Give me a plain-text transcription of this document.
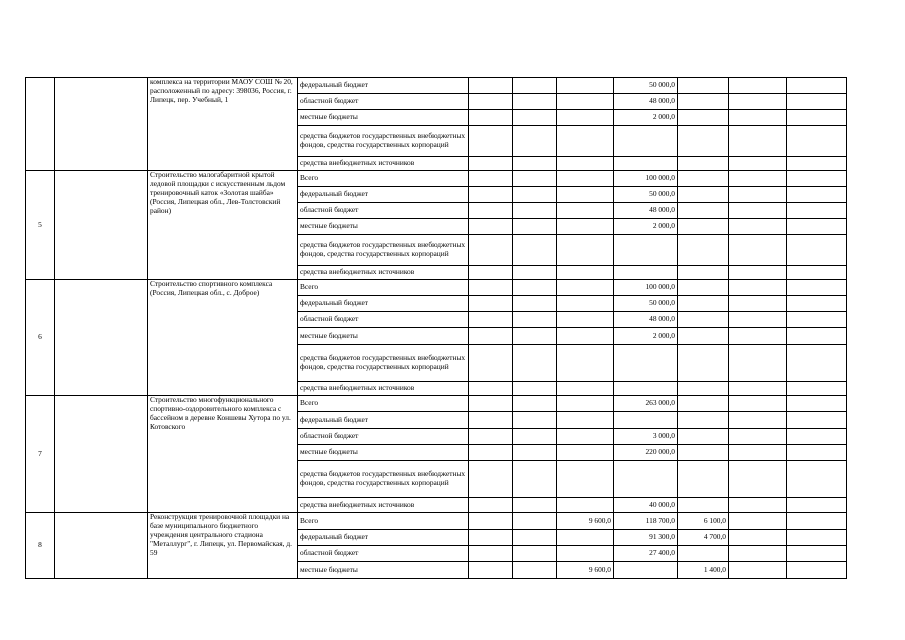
		комплекса на территории МАОУ СОШ № 20, расположенный по адресу: 398036, Россия, г. Липецк, пер. Учебный, 1	федеральный бюджет				50 000,0			
			областной бюджет				48 000,0			
			местные бюджеты				2 000,0			
			средства бюджетов государственных внебюджетных фондов, средства государственных корпораций							
			средства внебюджетных источников							
5		Строительство малогабаритной крытой ледовой площадки с искусственным льдом тренировочный каток «Золотая шайба» (Россия, Липецкая обл., Лев-Толстовский район)	Всего				100 000,0			
			федеральный бюджет				50 000,0			
			областной бюджет				48 000,0			
			местные бюджеты				2 000,0			
			средства бюджетов государственных внебюджетных фондов, средства государственных корпораций							
			средства внебюджетных источников							
6		Строительство спортивного комплекса (Россия, Липецкая обл., с. Доброе)	Всего				100 000,0			
			федеральный бюджет				50 000,0			
			областной бюджет				48 000,0			
			местные бюджеты				2 000,0			
			средства бюджетов государственных внебюджетных фондов, средства государственных корпораций							
			средства внебюджетных источников							
7		Строительство многофункционального спортивно-оздоровительного комплекса с бассейном в деревне Коншевы Хутора по ул. Котовского	Всего				263 000,0			
			федеральный бюджет							
			областной бюджет				3 000,0			
			местные бюджеты				220 000,0			
			средства бюджетов государственных внебюджетных фондов, средства государственных корпораций							
			средства внебюджетных источников				40 000,0			
8		Реконструкция тренировочной площадки на базе муниципального бюджетного учреждения центрального стадиона "Металлург", г. Липецк, ул. Первомайская, д. 59	Всего			9 600,0	118 700,0	6 100,0		
			федеральный бюджет				91 300,0	4 700,0		
			областной бюджет				27 400,0			
			местные бюджеты			9 600,0		1 400,0		
